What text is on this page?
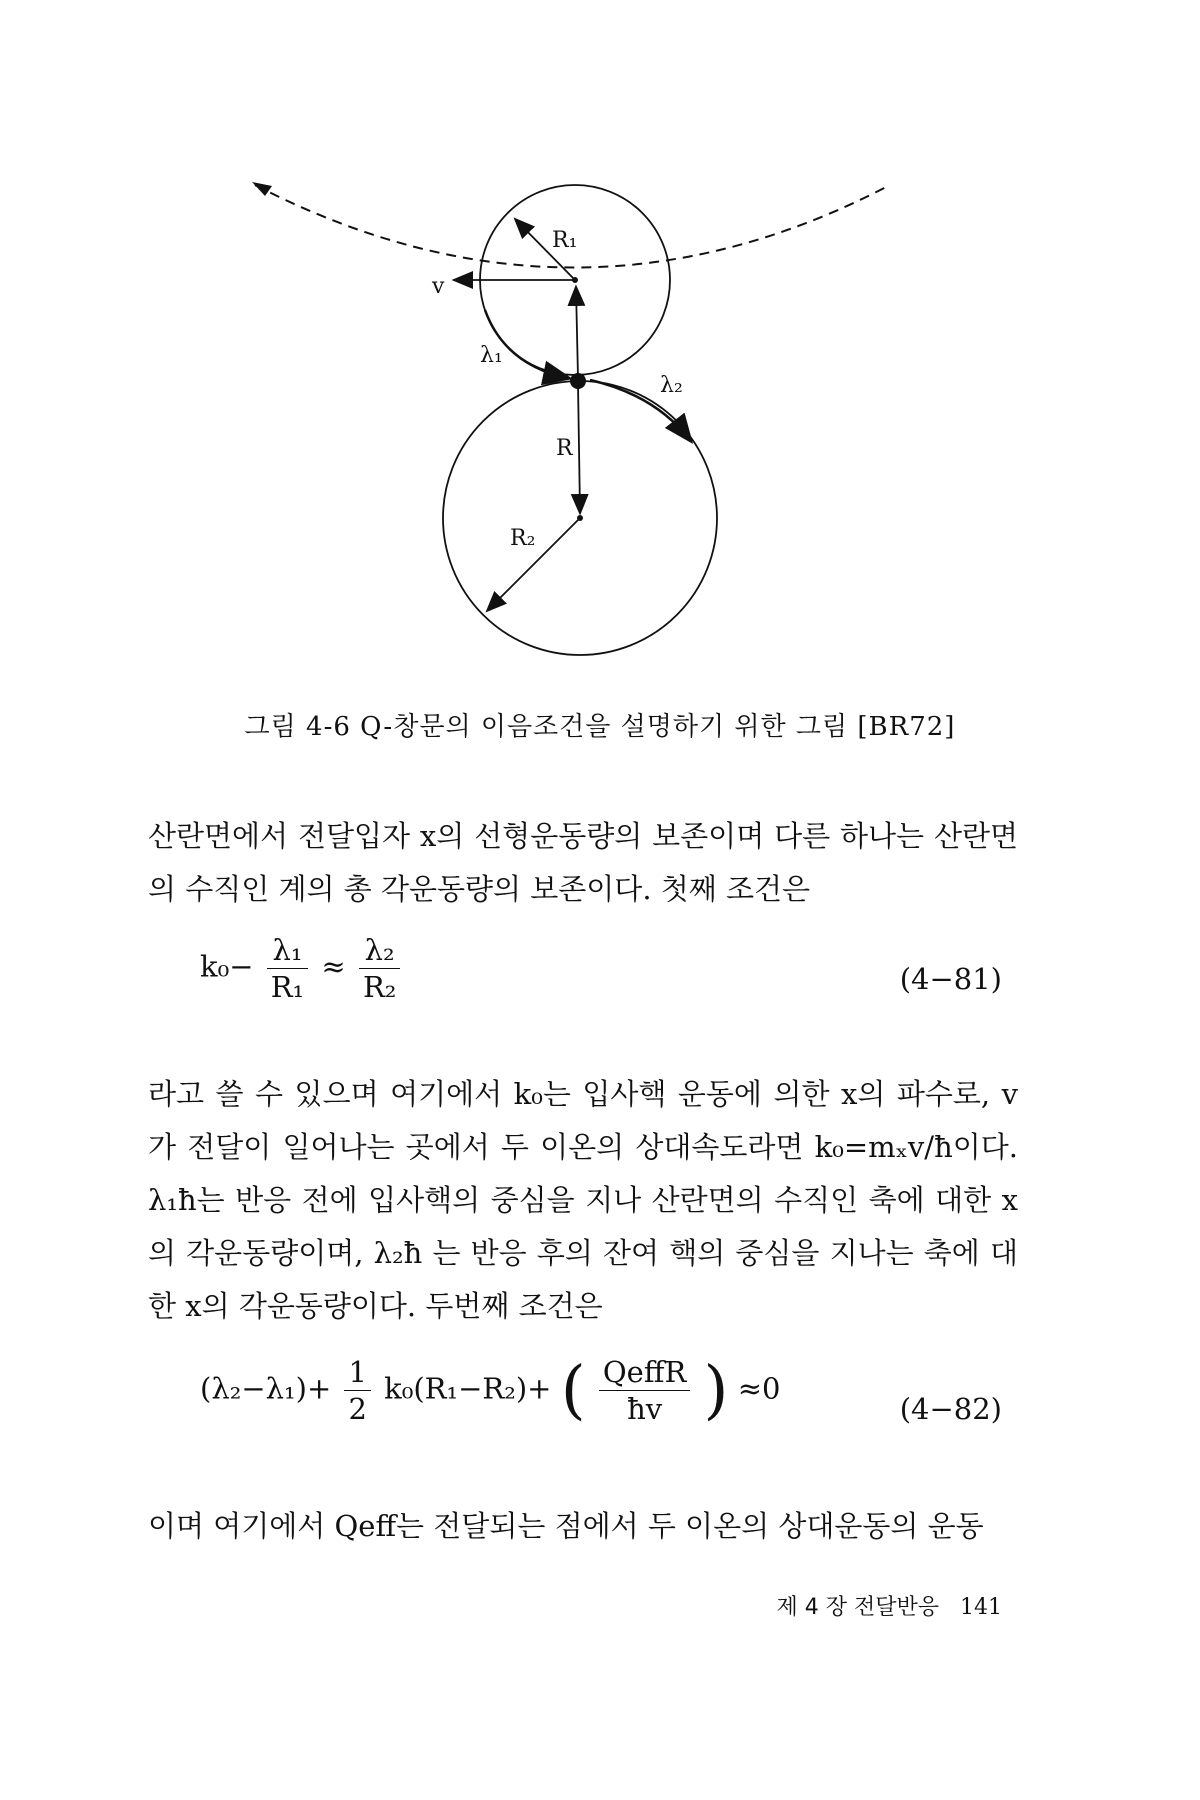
R₁
v
λ₁
λ₂
R
R₂
그림 4-6 Q-창문의 이음조건을 설명하기 위한 그림 [BR72]

산란면에서 전달입자 x의 선형운동량의 보존이며 다른 하나는 산란면의 수직인 계의 총 각운동량의 보존이다. 첫째 조건은

$k_0- \frac{\text{λ₁}}{\text{R₁}} \approx \frac{\text{λ₂}}{\text{R₂}}$	(4−81)

라고 쓸 수 있으며 여기에서 k₀는 입사핵 운동에 의한 x의 파수로, v가 전달이 일어나는 곳에서 두 이온의 상대속도라면 k₀=mₓv/ħ이다. λ₁ħ는 반응 전에 입사핵의 중심을 지나 산란면의 수직인 축에 대한 x의 각운동량이며, λ₂ħ 는 반응 후의 잔여 핵의 중심을 지나는 축에 대한 x의 각운동량이다. 두번째 조건은

$(\lambda_2-\lambda_1)+ \frac{1}{2} k_0(R_1-R_2)+$ ( $\frac{\text{QeffR}}{ħv}$ ) ≈0
(4−82)

이며 여기에서 Qeff는 전달되는 점에서 두 이온의 상대운동의 운동

제 4 장 전달반응 141
